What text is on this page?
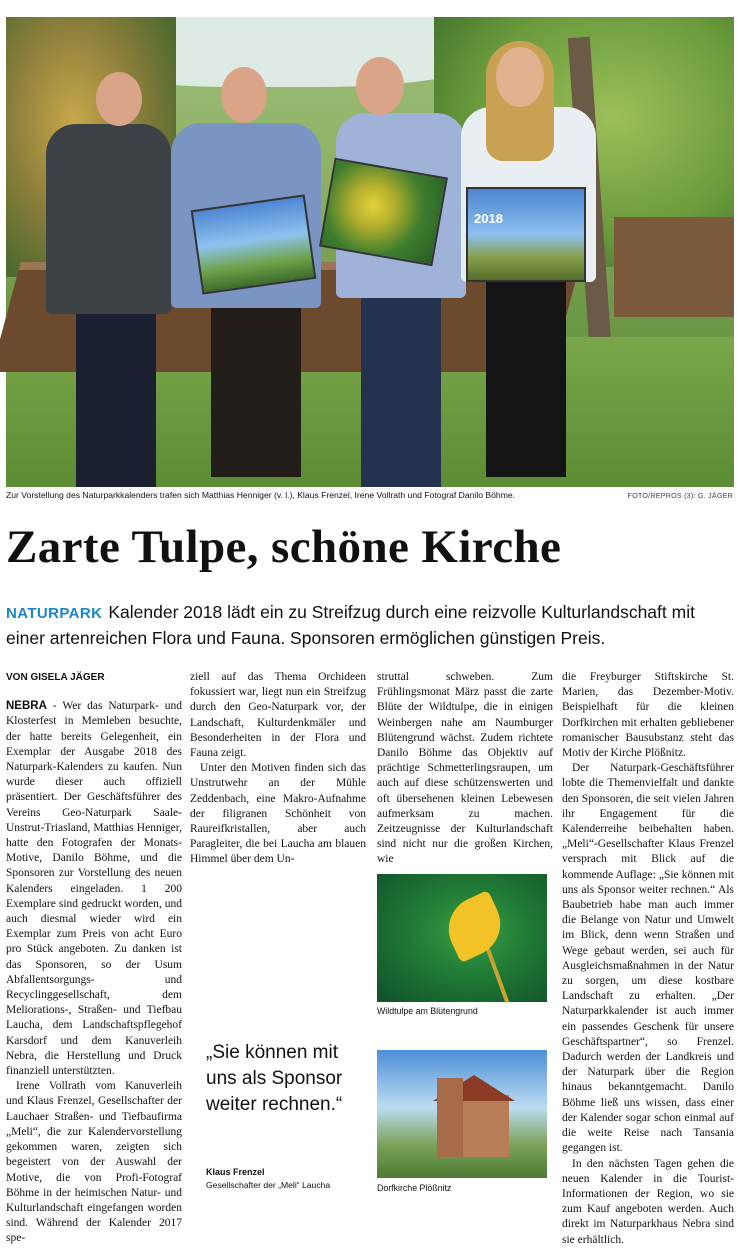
2018
Zur Vorstellung des Naturparkkalenders trafen sich Matthias Henniger (v. l.), Klaus Frenzel, Irene Vollrath und Fotograf Danilo Böhme.	FOTO/REPROS (3): G. JÄGER
Zarte Tulpe, schöne Kirche
NATURPARK Kalender 2018 lädt ein zu Streifzug durch eine reizvolle Kulturlandschaft mit einer artenreichen Flora und Fauna. Sponsoren ermöglichen günstigen Preis.
VON GISELA JÄGER

NEBRA - Wer das Naturpark- und Klosterfest in Memleben besuchte, der hatte bereits Gelegenheit, ein Exemplar der Ausgabe 2018 des Naturpark-Kalenders zu kaufen. Nun wurde dieser auch offiziell präsentiert. Der Geschäftsführer des Vereins Geo-Naturpark Saale-Unstrut-Triasland, Matthias Henniger, hatte den Fotografen der Monats-Motive, Danilo Böhme, und die Sponsoren zur Vorstellung des neuen Kalenders eingeladen. 1 200 Exemplare sind gedruckt worden, und auch diesmal wieder wird ein Exemplar zum Preis von acht Euro pro Stück angeboten. Zu danken ist das Sponsoren, so der Usum Abfallentsorgungs- und Recyclinggesellschaft, dem Meliorations-, Straßen- und Tiefbau Laucha, dem Landschaftspflegehof Karsdorf und dem Kanuverleih Nebra, die Herstellung und Druck finanziell unterstützten.

Irene Vollrath vom Kanuverleih und Klaus Frenzel, Gesellschafter der Lauchaer Straßen- und Tiefbaufirma „Meli“, die zur Kalendervorstellung gekommen waren, zeigten sich begeistert von der Auswahl der Motive, die von Profi-Fotograf Böhme in der heimischen Natur- und Kulturlandschaft eingefangen worden sind. Während der Kalender 2017 spe-

ziell auf das Thema Orchideen fokussiert war, liegt nun ein Streifzug durch den Geo-Naturpark vor, der Landschaft, Kulturdenkmäler und Besonderheiten in der Flora und Fauna zeigt.

Unter den Motiven finden sich das Unstrutwehr an der Mühle Zeddenbach, eine Makro-Aufnahme der filigranen Schönheit von Raureifkristallen, aber auch Paragleiter, die bei Laucha am blauen Himmel über dem Un-

struttal schweben. Zum Frühlingsmonat März passt die zarte Blüte der Wildtulpe, die in einigen Weinbergen nahe am Naumburger Blütengrund wächst. Zudem richtete Danilo Böhme das Objektiv auf prächtige Schmetterlingsraupen, um auch auf diese schützenswerten und oft übersehenen kleinen Lebewesen aufmerksam zu machen. Zeitzeugnisse der Kulturlandschaft sind nicht nur die großen Kirchen, wie

die Freyburger Stiftskirche St. Marien, das Dezember-Motiv. Beispielhaft für die kleinen Dorfkirchen mit erhalten gebliebener romanischer Bausubstanz steht das Motiv der Kirche Plößnitz.

Der Naturpark-Geschäftsführer lobte die Themenvielfalt und dankte den Sponsoren, die seit vielen Jahren ihr Engagement für die Kalenderreihe beibehalten haben. „Meli“-Gesellschafter Klaus Frenzel versprach mit Blick auf die kommende Auflage: „Sie können mit uns als Sponsor weiter rechnen.“ Als Baubetrieb habe man auch immer die Belange von Natur und Umwelt im Blick, denn wenn Straßen und Wege gebaut werden, sei auch für Ausgleichsmaßnahmen in der Natur zu sorgen, um diese kostbare Landschaft zu erhalten. „Der Naturparkkalender ist auch immer ein passendes Geschenk für unsere Geschäftspartner“, so Frenzel. Dadurch werden der Landkreis und der Naturpark über die Region hinaus bekanntgemacht. Danilo Böhme ließ uns wissen, dass einer der Kalender sogar schon einmal auf die weite Reise nach Tansania gegangen ist.

In den nächsten Tagen gehen die neuen Kalender in die Tourist-Informationen der Region, wo sie zum Kauf angeboten werden. Auch direkt im Naturparkhaus Nebra sind sie erhältlich.

Wildtulpe am Blütengrund
Dorfkirche Plößnitz
„Sie können mit uns als Sponsor weiter rechnen.“
Klaus Frenzel
Gesellschafter der „Meli“ Laucha
